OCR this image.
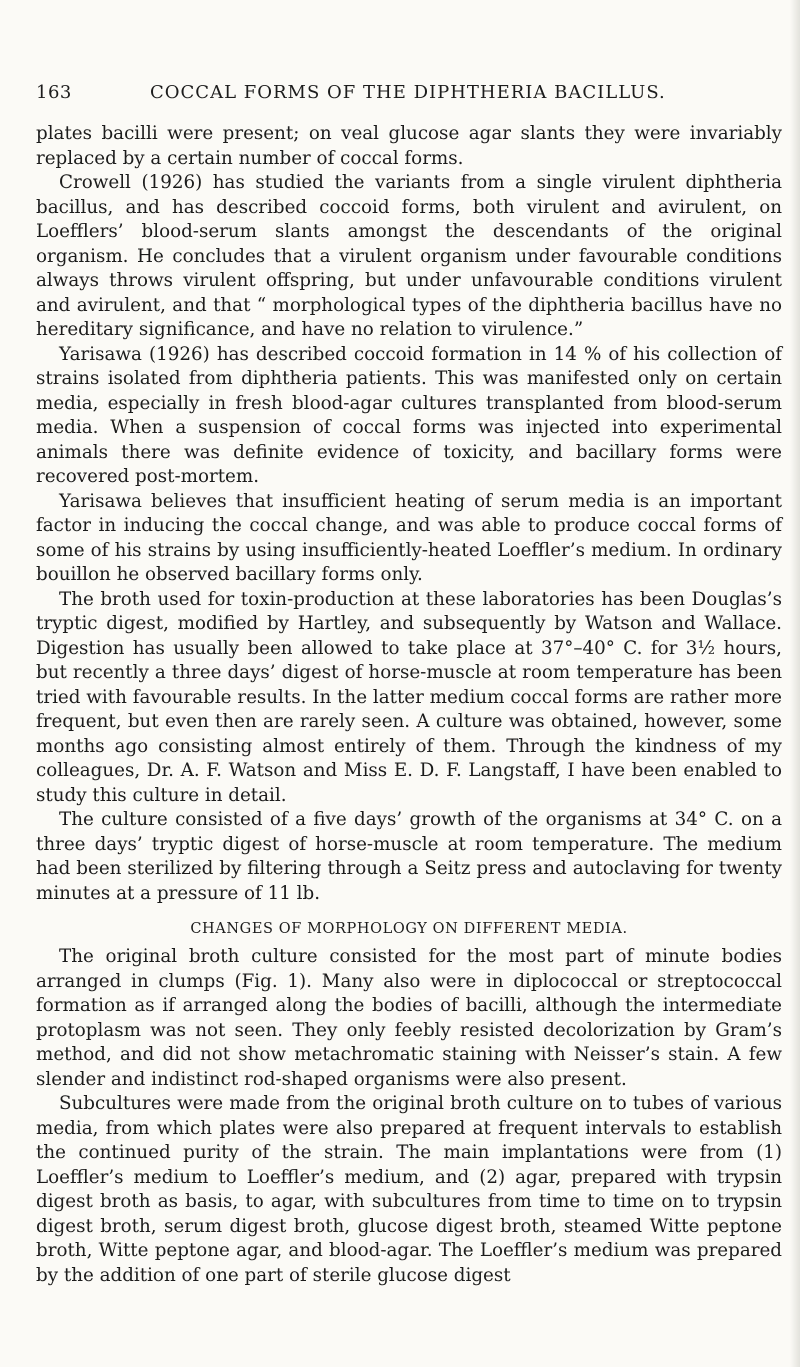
163	COCCAL FORMS OF THE DIPHTHERIA BACILLUS.

plates bacilli were present; on veal glucose agar slants they were invariably replaced by a certain number of coccal forms.

Crowell (1926) has studied the variants from a single virulent diphtheria bacillus, and has described coccoid forms, both virulent and avirulent, on Loefflers’ blood-serum slants amongst the descendants of the original organism. He concludes that a virulent organism under favourable conditions always throws virulent offspring, but under unfavourable conditions virulent and avirulent, and that “ morphological types of the diphtheria bacillus have no hereditary significance, and have no relation to virulence.”

Yarisawa (1926) has described coccoid formation in 14 % of his collection of strains isolated from diphtheria patients. This was manifested only on certain media, especially in fresh blood-agar cultures transplanted from blood-serum media. When a suspension of coccal forms was injected into experimental animals there was definite evidence of toxicity, and bacillary forms were recovered post-mortem.

Yarisawa believes that insufficient heating of serum media is an important factor in inducing the coccal change, and was able to produce coccal forms of some of his strains by using insufficiently-heated Loeffler’s medium. In ordinary bouillon he observed bacillary forms only.

The broth used for toxin-production at these laboratories has been Douglas’s tryptic digest, modified by Hartley, and subsequently by Watson and Wallace. Digestion has usually been allowed to take place at 37°–40° C. for 3½ hours, but recently a three days’ digest of horse-muscle at room temperature has been tried with favourable results. In the latter medium coccal forms are rather more frequent, but even then are rarely seen. A culture was obtained, however, some months ago consisting almost entirely of them. Through the kindness of my colleagues, Dr. A. F. Watson and Miss E. D. F. Langstaff, I have been enabled to study this culture in detail.

The culture consisted of a five days’ growth of the organisms at 34° C. on a three days’ tryptic digest of horse-muscle at room temperature. The medium had been sterilized by filtering through a Seitz press and autoclaving for twenty minutes at a pressure of 11 lb.

CHANGES OF MORPHOLOGY ON DIFFERENT MEDIA.

The original broth culture consisted for the most part of minute bodies arranged in clumps (Fig. 1). Many also were in diplococcal or streptococcal formation as if arranged along the bodies of bacilli, although the intermediate protoplasm was not seen. They only feebly resisted decolorization by Gram’s method, and did not show metachromatic staining with Neisser’s stain. A few slender and indistinct rod-shaped organisms were also present.

Subcultures were made from the original broth culture on to tubes of various media, from which plates were also prepared at frequent intervals to establish the continued purity of the strain. The main implantations were from (1) Loeffler’s medium to Loeffler’s medium, and (2) agar, prepared with trypsin digest broth as basis, to agar, with subcultures from time to time on to trypsin digest broth, serum digest broth, glucose digest broth, steamed Witte peptone broth, Witte peptone agar, and blood-agar. The Loeffler’s medium was prepared by the addition of one part of sterile glucose digest
